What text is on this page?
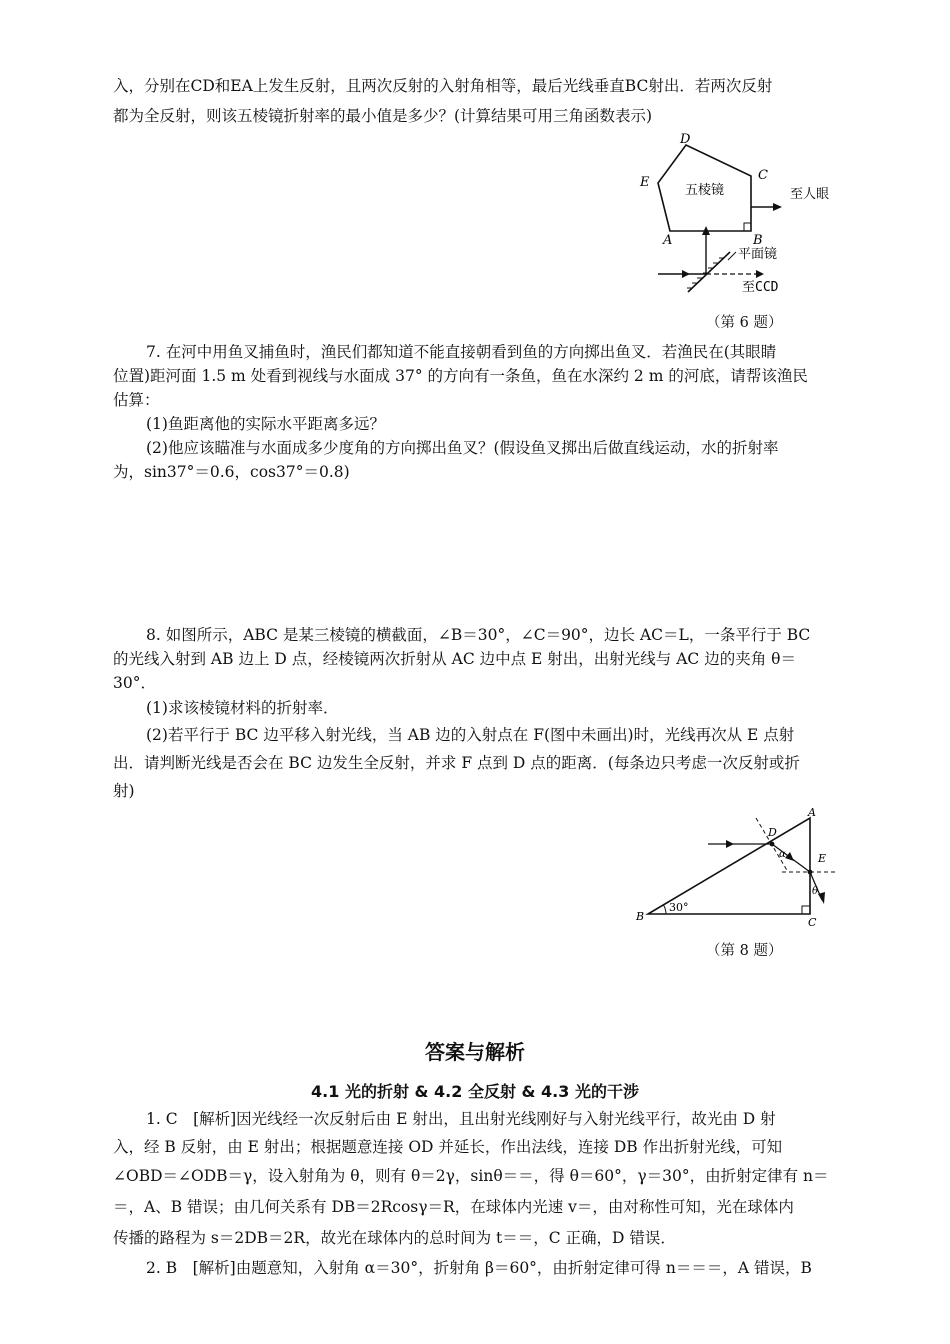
入，分别在CD和EA上发生反射，且两次反射的入射角相等，最后光线垂直BC射出．若两次反射
都为全反射，则该五棱镜折射率的最小值是多少？(计算结果可用三角函数表示)
D
C
E
A	B
五棱镜	至人眼
平面镜
至CCD
（第 6 题）
7. 在河中用鱼叉捕鱼时，渔民们都知道不能直接朝看到鱼的方向掷出鱼叉．若渔民在(其眼睛
位置)距河面 1.5 m 处看到视线与水面成 37° 的方向有一条鱼，鱼在水深约 2 m 的河底，请帮该渔民
估算：
(1)鱼距离他的实际水平距离多远？
(2)他应该瞄准与水面成多少度角的方向掷出鱼叉？(假设鱼叉掷出后做直线运动，水的折射率
为，sin37°＝0.6，cos37°＝0.8)
8. 如图所示，ABC 是某三棱镜的横截面，∠B＝30°，∠C＝90°，边长 AC＝L，一条平行于 BC
的光线入射到 AB 边上 D 点，经棱镜两次折射从 AC 边中点 E 射出，出射光线与 AC 边的夹角 θ＝
30°．
(1)求该棱镜材料的折射率．
(2)若平行于 BC 边平移入射光线，当 AB 边的入射点在 F(图中未画出)时，光线再次从 E 点射
出．请判断光线是否会在 BC 边发生全反射，并求 F 点到 D 点的距离．(每条边只考虑一次反射或折
射)
30°
A
D
E
B	C
α
θ
（第 8 题）
答案与解析
4.1 光的折射 & 4.2 全反射 & 4.3 光的干涉
1. C　[解析]因光线经一次反射后由 E 射出，且出射光线刚好与入射光线平行，故光由 D 射
入，经 B 反射，由 E 射出；根据题意连接 OD 并延长，作出法线，连接 DB 作出折射光线，可知
∠OBD＝∠ODB＝γ，设入射角为 θ，则有 θ＝2γ，sinθ＝＝，得 θ＝60°，γ＝30°，由折射定律有 n＝
＝，A、B 错误；由几何关系有 DB＝2Rcosγ＝R，在球体内光速 v＝，由对称性可知，光在球体内
传播的路程为 s＝2DB＝2R，故光在球体内的总时间为 t＝＝，C 正确，D 错误．
2. B　[解析]由题意知，入射角 α＝30°，折射角 β＝60°，由折射定律可得 n＝＝＝，A 错误，B
